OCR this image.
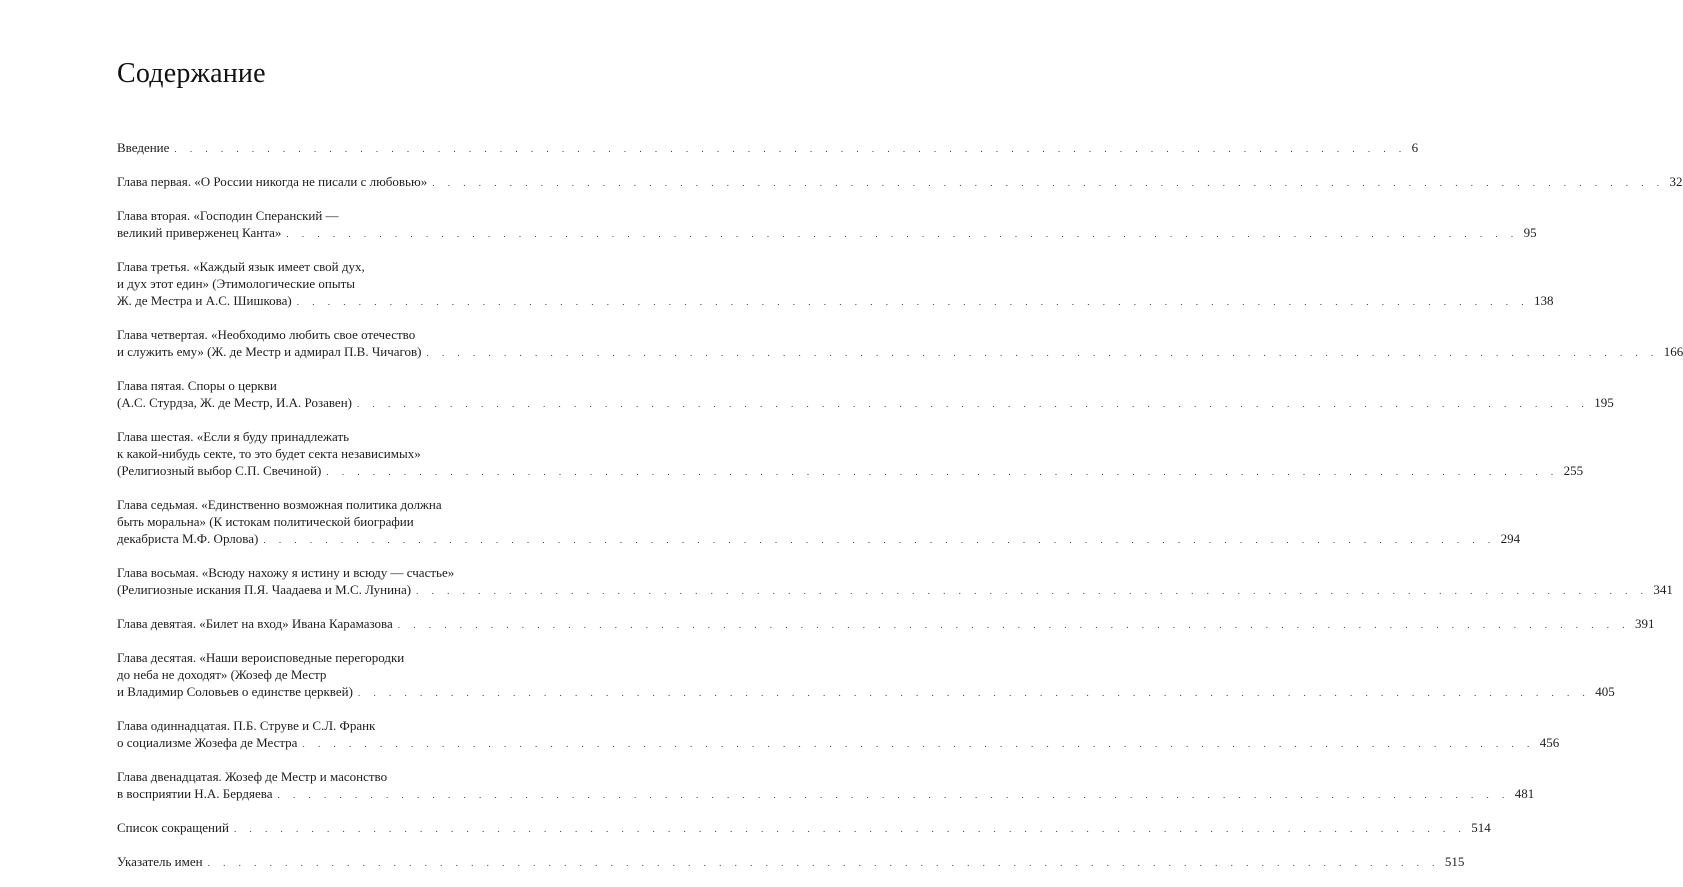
Содержание
Введение . . . . . . . . . . . . . . . . . . . . . . . . . . . . . . . . . . . . . . . . . . . . . . . . . . . . . . . . . . . . . . . . . . . . . . . . . . . . . . . . 6
Глава первая. «О России никогда не писали с любовью» . . . . . . . . . . . . . . . . . . . . . . . . . . . . . . . . . . . . . . . . . . . . . . . . . . . . . . . . . . . . . . . . . . . . . . . . . . . . . . . . 32
Глава вторая. «Господин Сперанский —
великий приверженец Канта» . . . . . . . . . . . . . . . . . . . . . . . . . . . . . . . . . . . . . . . . . . . . . . . . . . . . . . . . . . . . . . . . . . . . . . . . . . . . . . . . 95
Глава третья. «Каждый язык имеет свой дух,
и дух этот един» (Этимологические опыты
Ж. де Местра и А.С. Шишкова) . . . . . . . . . . . . . . . . . . . . . . . . . . . . . . . . . . . . . . . . . . . . . . . . . . . . . . . . . . . . . . . . . . . . . . . . . . . . . . . . 138
Глава четвертая. «Необходимо любить свое отечество
и служить ему» (Ж. де Местр и адмирал П.В. Чичагов) . . . . . . . . . . . . . . . . . . . . . . . . . . . . . . . . . . . . . . . . . . . . . . . . . . . . . . . . . . . . . . . . . . . . . . . . . . . . . . . . 166
Глава пятая. Споры о церкви
(А.С. Стурдза, Ж. де Местр, И.А. Розавен) . . . . . . . . . . . . . . . . . . . . . . . . . . . . . . . . . . . . . . . . . . . . . . . . . . . . . . . . . . . . . . . . . . . . . . . . . . . . . . . . 195
Глава шестая. «Если я буду принадлежать
к какой-нибудь секте, то это будет секта независимых»
(Религиозный выбор С.П. Свечиной) . . . . . . . . . . . . . . . . . . . . . . . . . . . . . . . . . . . . . . . . . . . . . . . . . . . . . . . . . . . . . . . . . . . . . . . . . . . . . . . . 255
Глава седьмая. «Единственно возможная политика должна
быть моральна» (К истокам политической биографии
декабриста М.Ф. Орлова) . . . . . . . . . . . . . . . . . . . . . . . . . . . . . . . . . . . . . . . . . . . . . . . . . . . . . . . . . . . . . . . . . . . . . . . . . . . . . . . . 294
Глава восьмая. «Всюду нахожу я истину и всюду — счастье»
(Религиозные искания П.Я. Чаадаева и М.С. Лунина) . . . . . . . . . . . . . . . . . . . . . . . . . . . . . . . . . . . . . . . . . . . . . . . . . . . . . . . . . . . . . . . . . . . . . . . . . . . . . . . . 341
Глава девятая. «Билет на вход» Ивана Карамазова . . . . . . . . . . . . . . . . . . . . . . . . . . . . . . . . . . . . . . . . . . . . . . . . . . . . . . . . . . . . . . . . . . . . . . . . . . . . . . . . 391
Глава десятая. «Наши вероисповедные перегородки
до неба не доходят» (Жозеф де Местр
и Владимир Соловьев о единстве церквей) . . . . . . . . . . . . . . . . . . . . . . . . . . . . . . . . . . . . . . . . . . . . . . . . . . . . . . . . . . . . . . . . . . . . . . . . . . . . . . . . 405
Глава одиннадцатая. П.Б. Струве и С.Л. Франк
о социализме Жозефа де Местра . . . . . . . . . . . . . . . . . . . . . . . . . . . . . . . . . . . . . . . . . . . . . . . . . . . . . . . . . . . . . . . . . . . . . . . . . . . . . . . . 456
Глава двенадцатая. Жозеф де Местр и масонство
в восприятии Н.А. Бердяева . . . . . . . . . . . . . . . . . . . . . . . . . . . . . . . . . . . . . . . . . . . . . . . . . . . . . . . . . . . . . . . . . . . . . . . . . . . . . . . . 481
Список сокращений . . . . . . . . . . . . . . . . . . . . . . . . . . . . . . . . . . . . . . . . . . . . . . . . . . . . . . . . . . . . . . . . . . . . . . . . . . . . . . . . 514
Указатель имен . . . . . . . . . . . . . . . . . . . . . . . . . . . . . . . . . . . . . . . . . . . . . . . . . . . . . . . . . . . . . . . . . . . . . . . . . . . . . . . . 515
